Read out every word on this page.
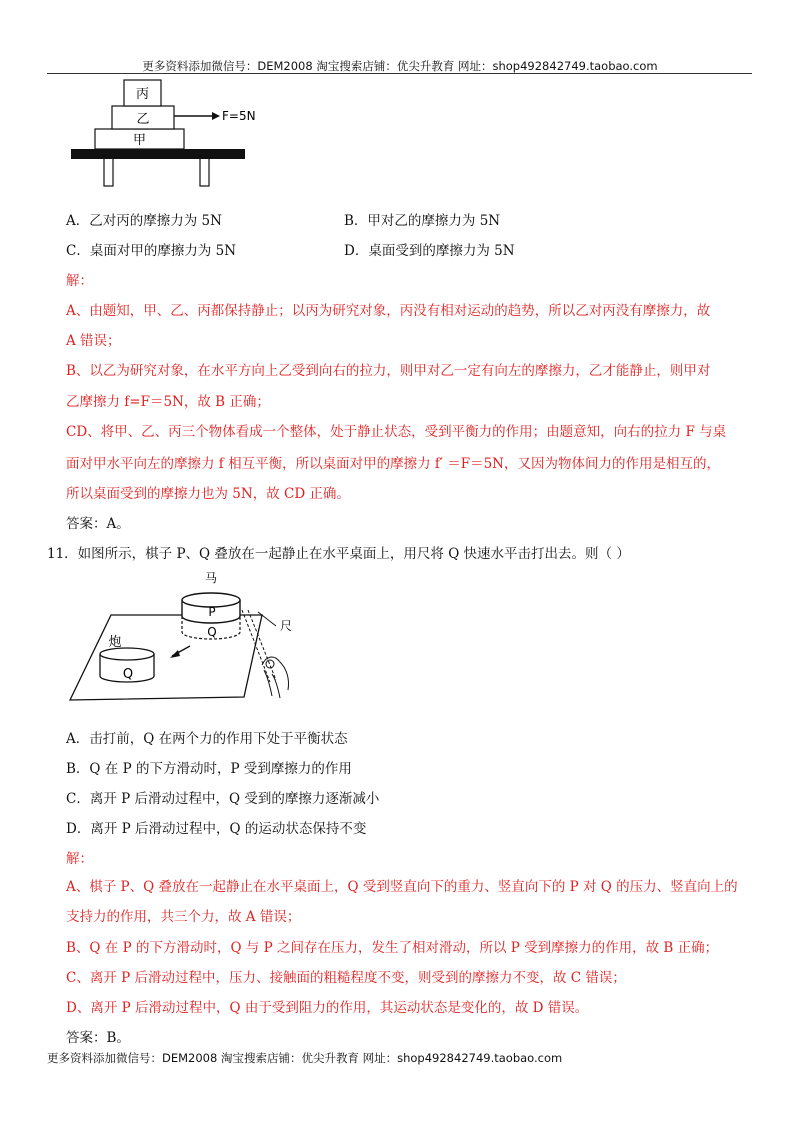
更多资料添加微信号：DEM2008 淘宝搜索店铺：优尖升教育 网址：shop492842749.taobao.com
甲
乙
丙
F=5N
A．乙对丙的摩擦力为 5N	B．甲对乙的摩擦力为 5N
C．桌面对甲的摩擦力为 5N	D．桌面受到的摩擦力为 5N
解：
A、由题知，甲、乙、丙都保持静止；以丙为研究对象，丙没有相对运动的趋势，所以乙对丙没有摩擦力，故
A 错误；
B、以乙为研究对象，在水平方向上乙受到向右的拉力，则甲对乙一定有向左的摩擦力，乙才能静止，则甲对
乙摩擦力 f=F＝5N，故 B 正确；
CD、将甲、乙、丙三个物体看成一个整体，处于静止状态，受到平衡力的作用；由题意知，向右的拉力 F 与桌
面对甲水平向左的摩擦力 f 相互平衡，所以桌面对甲的摩擦力 f′ ＝F＝5N，又因为物体间力的作用是相互的，
所以桌面受到的摩擦力也为 5N，故 CD 正确。
答案：A。
11．如图所示，棋子 P、Q 叠放在一起静止在水平桌面上，用尺将 Q 快速水平击打出去。则（ ）
马
P
Q	尺
Q
炮
A．击打前，Q 在两个力的作用下处于平衡状态
B．Q 在 P 的下方滑动时，P 受到摩擦力的作用
C．离开 P 后滑动过程中，Q 受到的摩擦力逐渐减小
D．离开 P 后滑动过程中，Q 的运动状态保持不变
解：
A、棋子 P、Q 叠放在一起静止在水平桌面上，Q 受到竖直向下的重力、竖直向下的 P 对 Q 的压力、竖直向上的
支持力的作用，共三个力，故 A 错误；
B、Q 在 P 的下方滑动时，Q 与 P 之间存在压力，发生了相对滑动，所以 P 受到摩擦力的作用，故 B 正确；
C、离开 P 后滑动过程中，压力、接触面的粗糙程度不变，则受到的摩擦力不变，故 C 错误；
D、离开 P 后滑动过程中，Q 由于受到阻力的作用，其运动状态是变化的，故 D 错误。
答案：B。
更多资料添加微信号：DEM2008 淘宝搜索店铺：优尖升教育 网址：shop492842749.taobao.com
